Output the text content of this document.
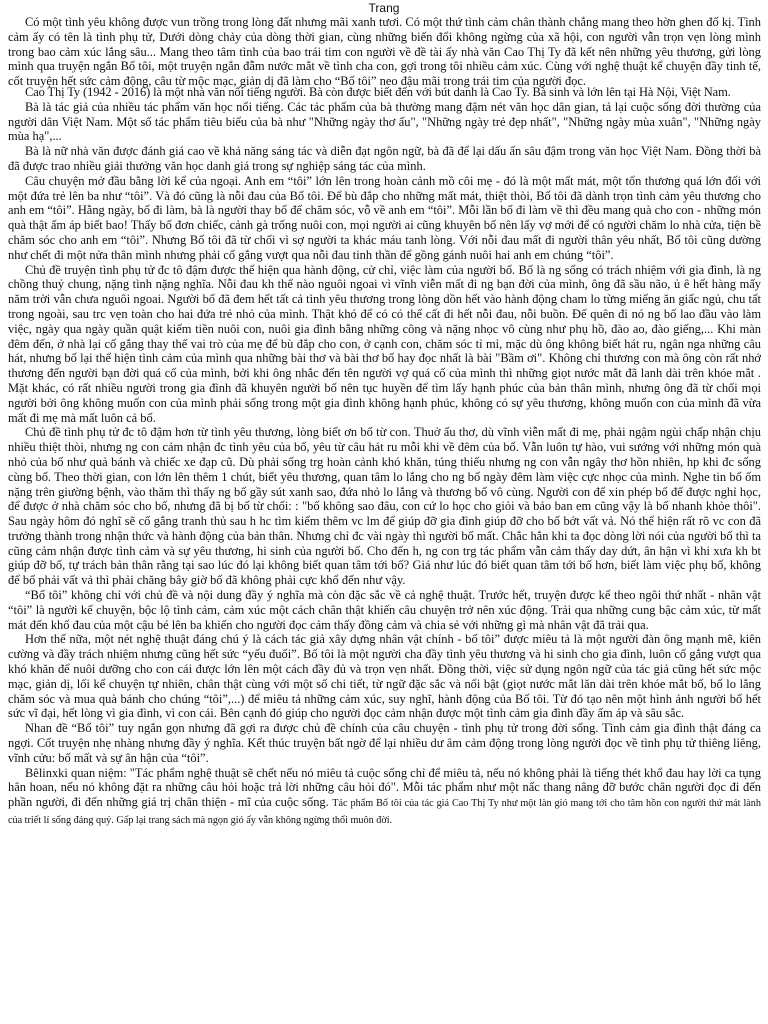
Trang

Có một tình yêu không được vun trồng trong lòng đất nhưng mãi xanh tươi. Có một thứ tình cảm chân thành chẳng mang theo hờn ghen đố kị. Tình cảm ấy có tên là tình phụ tử, Dưới dòng chảy của dòng thời gian, cùng những biến đổi không ngừng của xã hội, con người vẫn trọn vẹn lòng mình trong bao cảm xúc lắng sâu... Mang theo tâm tình của bao trái tim con người về đề tài ấy nhà văn Cao Thị Ty đã kết nên những yêu thương, gửi lòng mình qua truyện ngắn Bố tôi, một truyện ngắn đẫm nước mắt về tình cha con, gợi trong tôi nhiều cảm xúc. Cùng với nghệ thuật kể chuyện đầy tinh tế, cốt truyện hết sức cảm động, câu từ mộc mạc, giản dị đã làm cho “Bố tôi” neo đậu mãi trong trái tim của người đọc.

Cao Thị Ty (1942 - 2016) là một nhà văn nổi tiếng người. Bà còn được biết đến với bút danh là Cao Ty. Bà sinh và lớn lên tại Hà Nội, Việt Nam.

Bà là tác giả của nhiều tác phẩm văn học nổi tiếng. Các tác phẩm của bà thường mang đậm nét văn học dân gian, tả lại cuộc sống đời thường của người dân Việt Nam. Một số tác phẩm tiêu biểu của bà như "Những ngày thơ ấu", "Những ngày trẻ đẹp nhất", "Những ngày mùa xuân", "Những ngày mùa hạ",...

Bà là nữ nhà văn được đánh giá cao về khả năng sáng tác và diễn đạt ngôn ngữ, bà đã để lại dấu ấn sâu đậm trong văn học Việt Nam. Đồng thời bà đã được trao nhiều giải thưởng văn học danh giá trong sự nghiệp sáng tác của mình.

Câu chuyện mở đầu bằng lời kể của ngoại. Anh em “tôi” lớn lên trong hoàn cảnh mồ côi mẹ - đó là một mất mát, một tổn thương quá lớn đối với một đứa trẻ lên ba như “tôi”. Và đó cũng là nỗi đau của Bố tôi. Để bù đắp cho những mất mát, thiệt thòi, Bố tôi đã dành trọn tình cảm yêu thương cho anh em “tôi”. Hằng ngày, bố đi làm, bà là người thay bố để chăm sóc, vỗ về anh em “tôi”. Mỗi lần bố đi làm về thì đều mang quà cho con - những món quà thật ấm áp biết bao! Thấy bố đơn chiếc, cảnh gà trống nuôi con, mọi người ai cũng khuyên bố nên lấy vợ mới để có người chăm lo nhà cửa, tiện bề chăm sóc cho anh em “tôi”. Nhưng Bố tôi đã từ chối vì sợ người ta khác máu tanh lòng. Với nỗi đau mất đi người thân yêu nhất, Bố tôi cũng dường như chết đi một nửa thân mình nhưng phải cố gắng vượt qua nỗi đau tinh thần để gồng gánh nuôi hai anh em chúng “tôi”.

Chủ đề truyện tình phụ tử đc tô đậm được thể hiện qua hành động, cử chỉ, việc làm của người bố. Bố là ng sống có trách nhiệm với gia đình, là ng chồng thuỷ chung, nặng tình nặng nghĩa. Nỗi đau kh thể nào nguôi ngoai vì vĩnh viễn mất đi ng bạn đời của mình, ông đã sầu não, ủ ê hết hàng mấy năm trời vẫn chưa nguôi ngoai. Người bố đã đem hết tất cả tình yêu thương trong lòng dồn hết vào hành động cham lo từng miếng ăn giấc ngủ, chu tất trong ngoài, sau trc vẹn toàn cho hai đứa trẻ nhỏ của mình. Thật khó để có có thể cất đi hết nỗi đau, nỗi buồn. Để quên đi nó ng bố lao đầu vào làm việc, ngày qua ngày quần quật kiếm tiền nuôi con, nuôi gia đình bằng những công và nặng nhọc vô cùng như phụ hồ, đào ao, đào giếng,... Khi màn đêm đến, ở nhà lại cố gắng thay thế vai trò của mẹ để bù đắp cho con, ở cạnh con, chăm sóc tỉ mỉ, mặc dù ông không biết hát ru, ngân nga những câu hát, nhưng bố lại thể hiện tình cảm của mình qua những bài thơ và bài thơ bố hay đọc nhất là bài "Bầm ơi". Không chỉ thương con mà ông còn rất nhớ thương đến người bạn đời quá cố của mình, bởi khi ông nhắc đến tên người vợ quá cố của mình thì những giọt nước mắt đã lanh dài trên khóe mắt . Mặt khác, có rất nhiều người trong gia đình đã khuyên người bố nên tục huyền để tìm lấy hạnh phúc của bản thân mình, nhưng ông đã từ chối mọi người bởi ông không muốn con của mình phải sống trong một gia đình không hạnh phúc, không có sự yêu thương, không muốn con của mình đã vừa mất đi mẹ mà mất luôn cả bố.

Chủ đề tình phụ tử đc tô đậm hơn từ tình yêu thương, lòng biết ơn bố từ con. Thuở ấu thơ, dù vĩnh viễn mất đi mẹ, phải ngậm ngùi chấp nhận chịu nhiều thiệt thòi, nhưng ng con cảm nhận đc tình yêu của bố, yêu từ câu hát ru mỗi khi về đêm của bố. Vẫn luôn tự hào, vui sướng với những món quà nhỏ của bố như quả bánh và chiếc xe đạp cũ. Dù phải sống trg hoàn cảnh khó khăn, túng thiếu nhưng ng con vẫn ngây thơ hồn nhiên, hp khi đc sống cùng bố. Theo thời gian, con lớn lên thêm 1 chút, biết yêu thương, quan tâm lo lắng cho ng bố ngày đêm làm việc cực nhọc của mình. Nghe tin bố ốm nặng trên giường bệnh, vào thăm thì thấy ng bố gầy sút xanh sao, đứa nhỏ lo lắng và thương bố vô cùng. Người con để xin phép bố để được nghỉ học, để được ở nhà chăm sóc cho bố, nhưng đã bị bố từ chối: : "bố không sao đâu, con cứ lo học cho giỏi và bảo ban em cũng vậy là bố nhanh khỏe thôi". Sau ngày hôm đó nghĩ sẽ cố gắng tranh thủ sau h hc tìm kiếm thêm vc lm để giúp đỡ gia đình giúp đỡ cho bố bớt vất vả. Nó thể hiện rất rõ vc con đã trưởng thành trong nhận thức và hành động của bản thân. Nhưng chỉ đc vài ngày thì người bố mất. Chắc hẳn khi ta đọc dòng lời nói của người bố thì ta cũng cảm nhận được tình cảm và sự yêu thương, hi sinh của người bố. Cho đến h, ng con trg tác phẩm vẫn cảm thấy day dứt, ân hận vì khi xưa kh bt giúp đỡ bố, tự trách bản thân rằng tại sao lúc đó lại không biết quan tâm tới bố? Giá như lúc đó biết quan tâm tới bố hơn, biết làm việc phụ bố, không để bố phải vất vả thì phải chăng bây giờ bố đã không phải cực khổ đến như vậy.

“Bố tôi” không chỉ với chủ đề và nội dung đầy ý nghĩa mà còn đặc sắc về cả nghệ thuật. Trước hết, truyện được kể theo ngôi thứ nhất - nhân vật “tôi” là người kể chuyện, bộc lộ tình cảm, cảm xúc một cách chân thật khiến câu chuyện trở nên xúc động. Trải qua những cung bậc cảm xúc, từ mất mát đến khổ đau của một cậu bé lên ba khiến cho người đọc cảm thấy đồng cảm và chia sẻ với những gì mà nhân vật đã trải qua.

Hơn thế nữa, một nét nghệ thuật đáng chú ý là cách tác giả xây dựng nhân vật chính - bố tôi” được miêu tả là một người đàn ông mạnh mẽ, kiên cường và đầy trách nhiệm nhưng cũng hết sức “yếu đuối”. Bố tôi là một người cha đầy tình yêu thương và hi sinh cho gia đình, luôn cố gắng vượt qua khó khăn để nuôi dưỡng cho con cái được lớn lên một cách đầy đủ và trọn vẹn nhất. Đồng thời, việc sử dụng ngôn ngữ của tác giả cũng hết sức mộc mạc, giản dị, lối kể chuyện tự nhiên, chân thật cùng với một số chi tiết, từ ngữ đặc sắc và nổi bật (giọt nước mắt lăn dài trên khóe mắt bố, bố lo lắng chăm sóc và mua quà bánh cho chúng “tôi”,...) để miêu tả những cảm xúc, suy nghĩ, hành động của Bố tôi. Từ đó tạo nên một hình ảnh người bố hết sức vĩ đại, hết lòng vì gia đình, vì con cái. Bên cạnh đó giúp cho người đọc cảm nhận được một tình cảm gia đình đầy ấm áp và sâu sắc.

Nhan đề “Bố tôi” tuy ngắn gọn nhưng đã gợi ra được chủ đề chính của câu chuyện - tình phụ tử trong đời sống. Tình cảm gia đình thật đáng ca ngợi. Cốt truyện nhẹ nhàng nhưng đầy ý nghĩa. Kết thúc truyện bất ngờ để lại nhiều dư âm cảm động trong lòng người đọc về tình phụ tử thiêng liêng, vĩnh cửu: bố mất và sự ân hận của “tôi”.

Bêlinxki quan niệm: "Tác phẩm nghệ thuật sẽ chết nếu nó miêu tả cuộc sống chỉ để miêu tả, nếu nó không phải là tiếng thét khổ đau hay lời ca tụng hân hoan, nếu nó không đặt ra những câu hỏi hoặc trả lời những câu hỏi đó". Mỗi tác phẩm như một nấc thang nâng đỡ bước chân người đọc đi đến phần người, đi đến những giá trị chân thiện - mĩ của cuộc sống. Tác phẩm Bố tôi của tác giả Cao Thị Ty như một làn gió mang tới cho tâm hồn con người thứ mát lành của triết lí sống đáng quý. Gấp lại trang sách mà ngọn gió ấy vẫn không ngừng thổi muôn đời.
